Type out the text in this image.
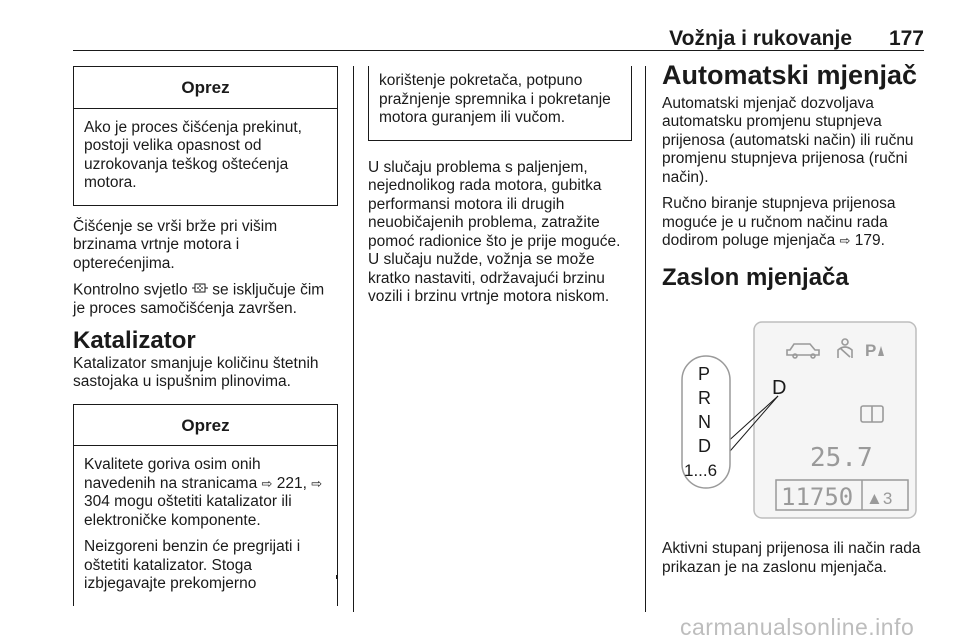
Vožnja i rukovanje 177
Oprez

Ako je proces čišćenja prekinut, postoji velika opasnost od uzrokovanja teškog oštećenja motora.

Čišćenje se vrši brže pri višim brzinama vrtnje motora i opterećenjima.

Kontrolno svjetlo  se isključuje čim je proces samočišćenja završen.

Katalizator

Katalizator smanjuje količinu štetnih sastojaka u ispušnim plinovima.

Oprez

Kvalitete goriva osim onih navedenih na stranicama ⇨ 221, ⇨ 304 mogu oštetiti katalizator ili elektroničke komponente.

Neizgoreni benzin će pregrijati i oštetiti katalizator. Stoga izbjegavajte prekomjerno

korištenje pokretača, potpuno pražnjenje spremnika i pokretanje motora guranjem ili vučom.

U slučaju problema s paljenjem, nejednolikog rada motora, gubitka performansi motora ili drugih neuobičajenih problema, zatražite pomoć radionice što je prije moguće. U slučaju nužde, vožnja se može kratko nastaviti, održavajući brzinu vozili i brzinu vrtnje motora niskom.

Automatski mjenjač

Automatski mjenjač dozvoljava automatsku promjenu stupnjeva prijenosa (automatski način) ili ručnu promjenu stupnjeva prijenosa (ručni način).

Ručno biranje stupnjeva prijenosa moguće je u ručnom načinu rada dodirom poluge mjenjača ⇨ 179.

Zaslon mjenjača
P
D
25.7
11750 ▲3
P
R
N
D
1...6

Aktivni stupanj prijenosa ili način rada prikazan je na zaslonu mjenjača.

carmanualsonline.info
